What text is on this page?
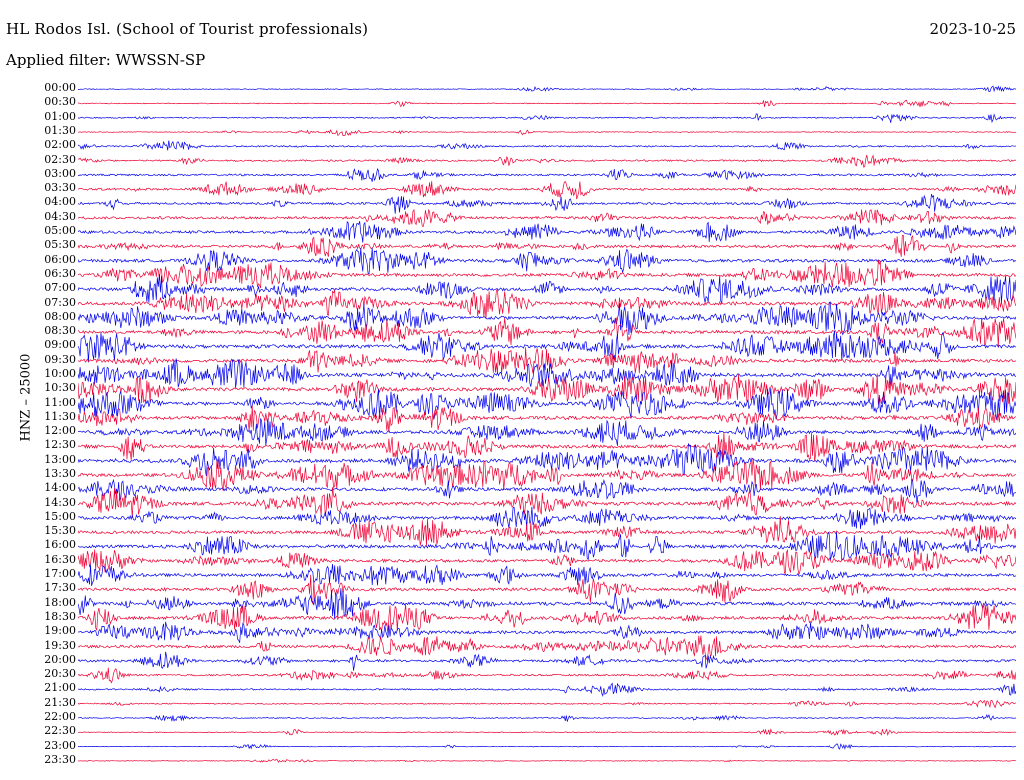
HL Rodos Isl. (School of Tourist professionals)
Applied filter: WWSSN-SP
2023-10-25
HNZ – 25000
00:00
00:30
01:00
01:30
02:00
02:30
03:00
03:30
04:00
04:30
05:00
05:30
06:00
06:30
07:00
07:30
08:00
08:30
09:00
09:30
10:00
10:30
11:00
11:30
12:00
12:30
13:00
13:30
14:00
14:30
15:00
15:30
16:00
16:30
17:00
17:30
18:00
18:30
19:00
19:30
20:00
20:30
21:00
21:30
22:00
22:30
23:00
23:30
